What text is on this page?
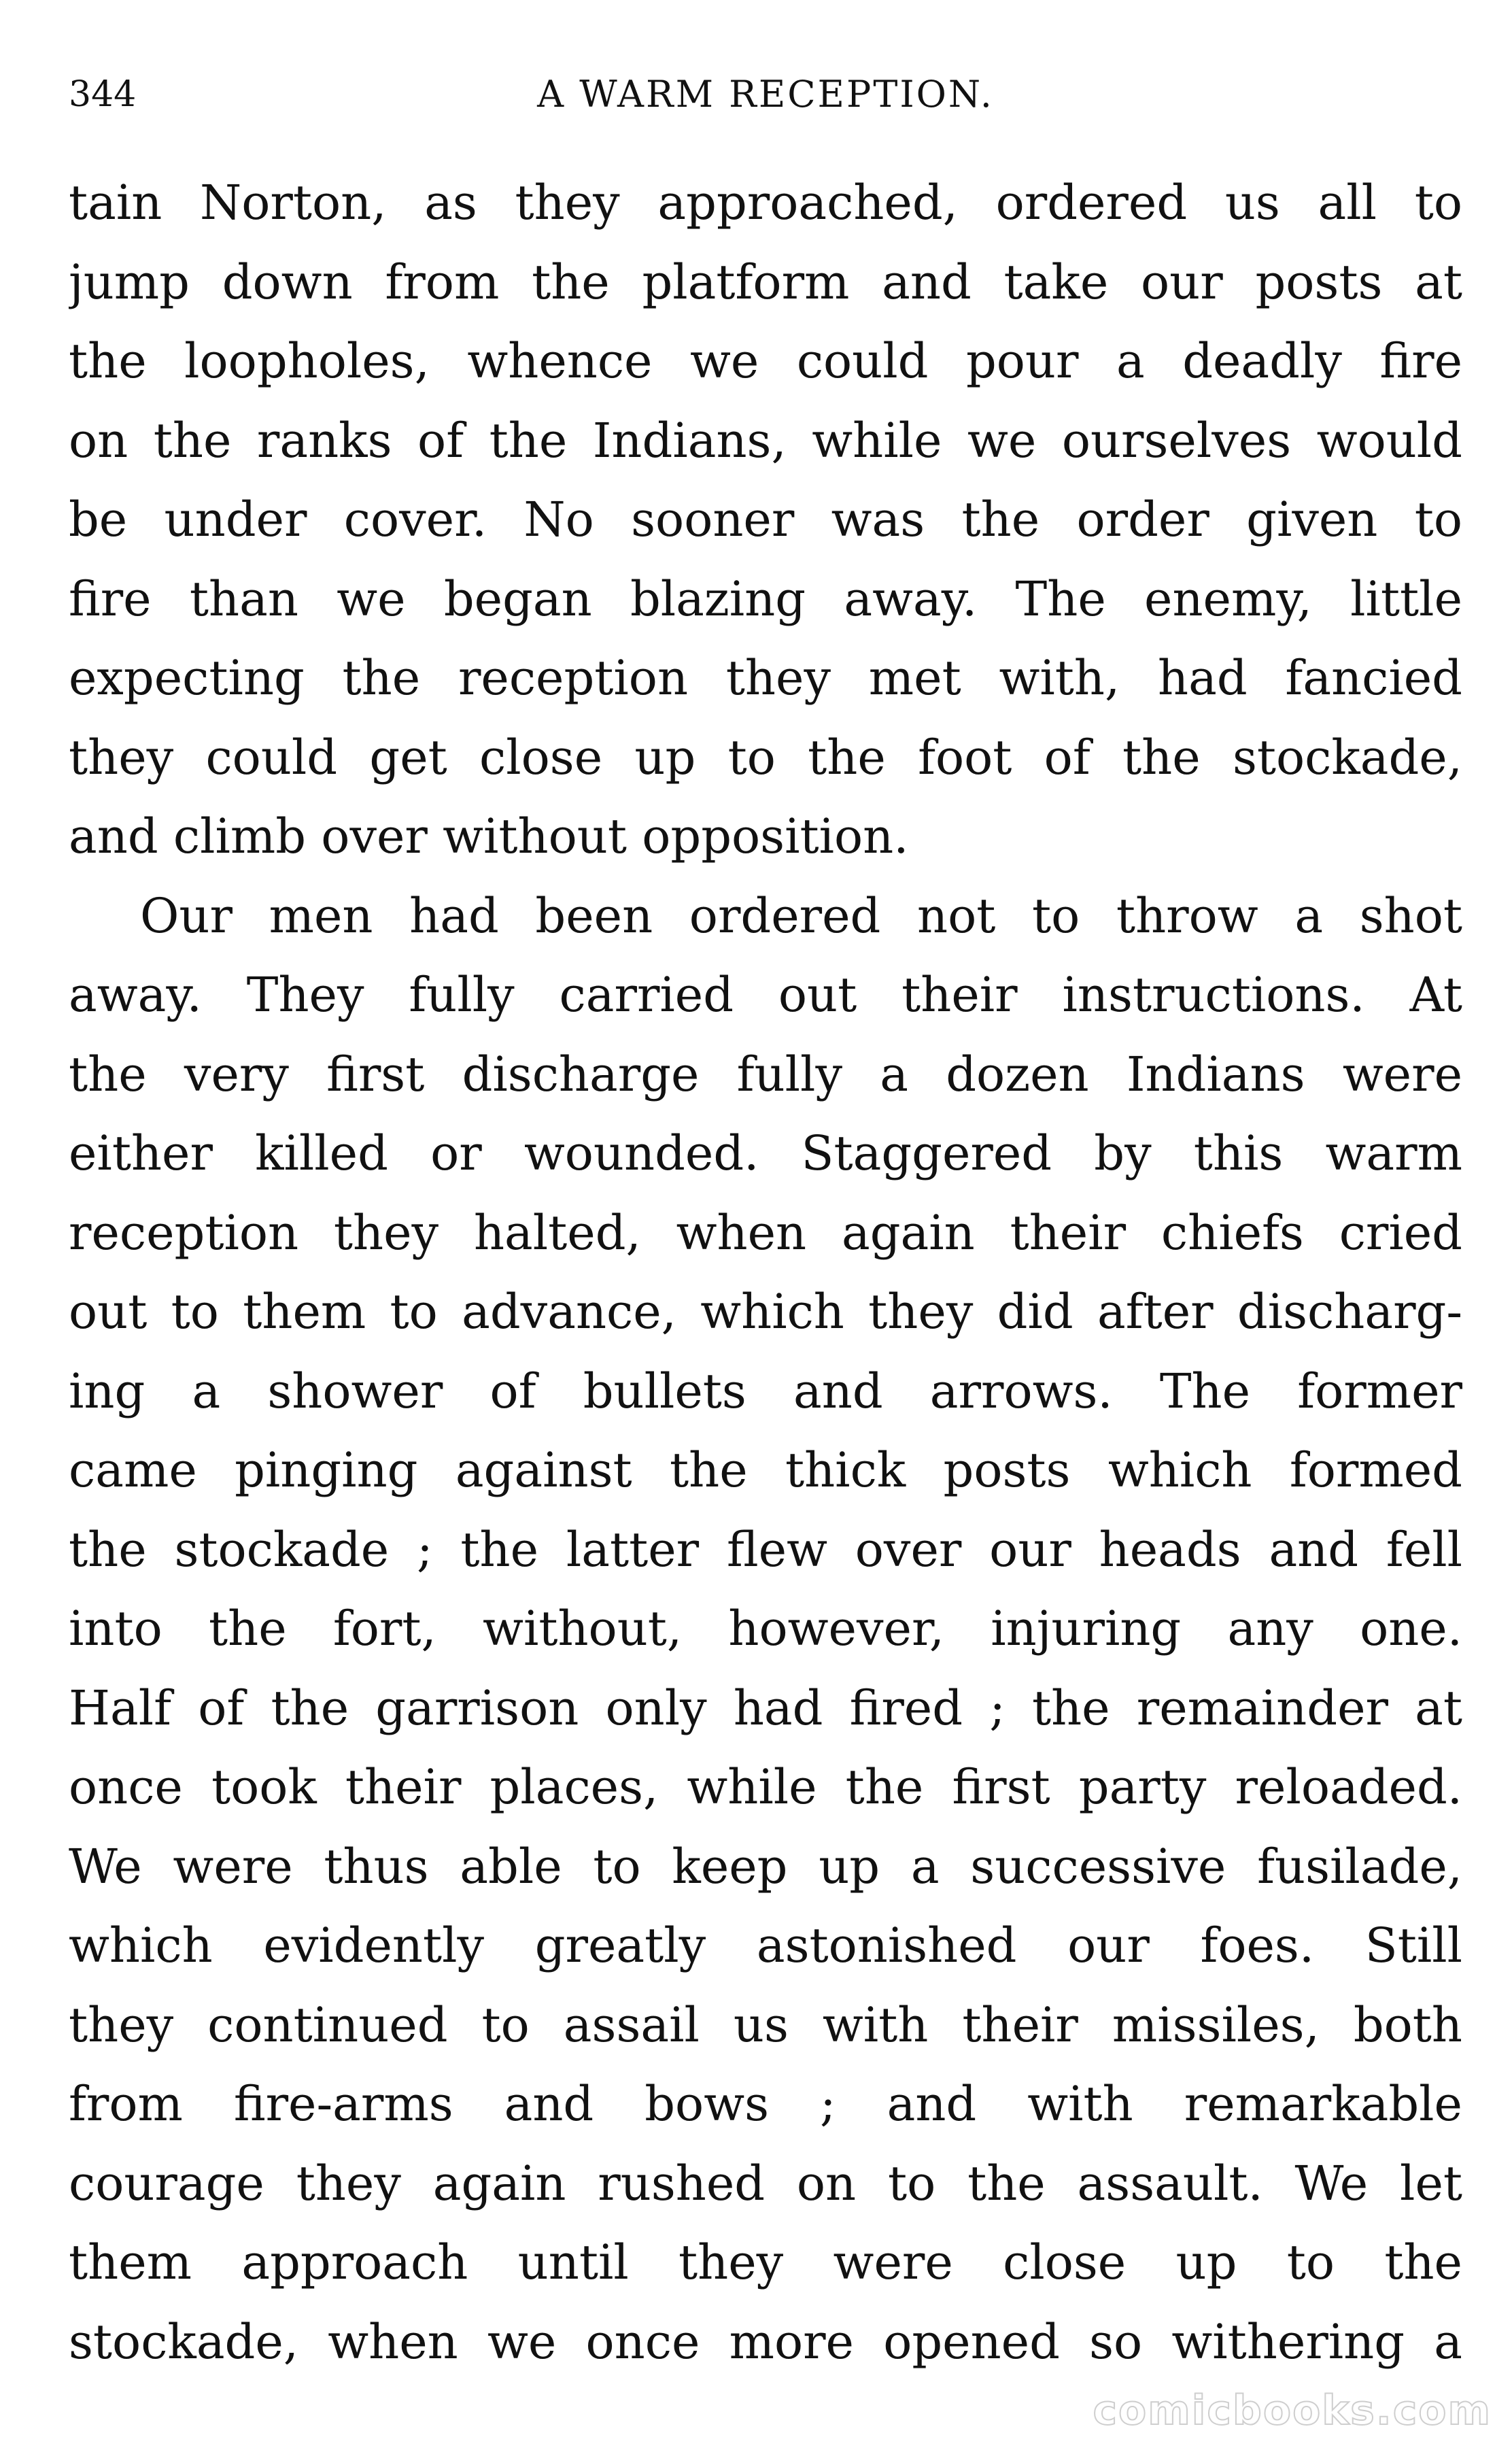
344	A WARM RECEPTION.
tain Norton, as they approached, ordered us all to
jump down from the platform and take our posts at
the loopholes, whence we could pour a deadly fire
on the ranks of the Indians, while we ourselves would
be under cover. No sooner was the order given to
fire than we began blazing away. The enemy, little
expecting the reception they met with, had fancied
they could get close up to the foot of the stockade,
and climb over without opposition.
Our men had been ordered not to throw a shot
away. They fully carried out their instructions. At
the very first discharge fully a dozen Indians were
either killed or wounded. Staggered by this warm
reception they halted, when again their chiefs cried
out to them to advance, which they did after discharg-
ing a shower of bullets and arrows. The former
came pinging against the thick posts which formed
the stockade ; the latter flew over our heads and fell
into the fort, without, however, injuring any one.
Half of the garrison only had fired ; the remainder at
once took their places, while the first party reloaded.
We were thus able to keep up a successive fusilade,
which evidently greatly astonished our foes. Still
they continued to assail us with their missiles, both
from fire-arms and bows ; and with remarkable
courage they again rushed on to the assault. We let
them approach until they were close up to the
stockade, when we once more opened so withering a
comicbooks.com
